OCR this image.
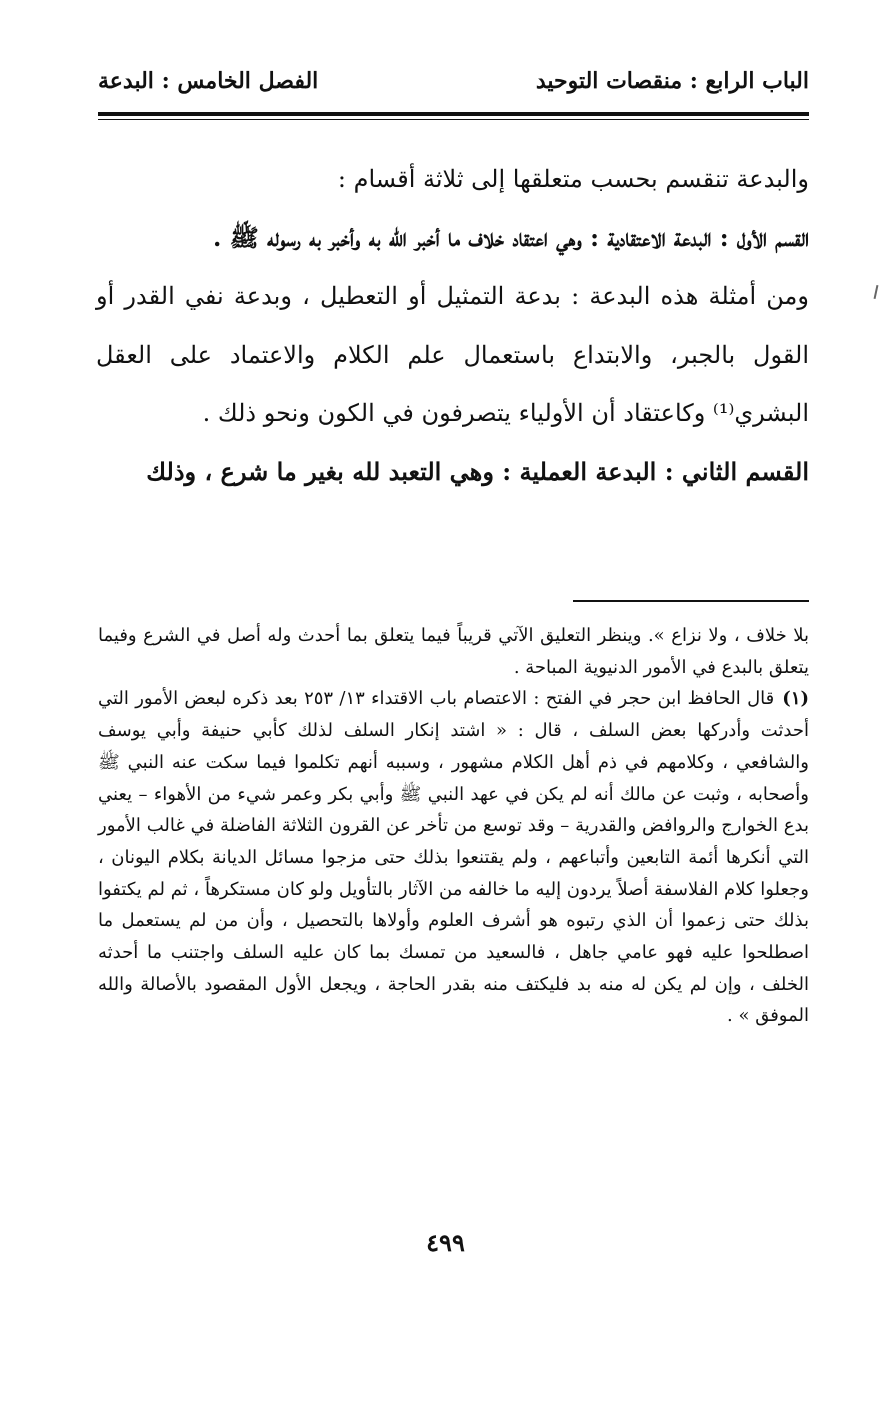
الباب الرابع : منقصات التوحيد
الفصل الخامس : البدعة

والبدعة تنقسم بحسب متعلقها إلى ثلاثة أقسام :

القسم الأول : البدعة الاعتقادية : وهي اعتقاد خلاف ما أخبر الله به وأخبر به رسوله ﷺ .

ومن أمثلة هذه البدعة : بدعة التمثيل أو التعطيل ، وبدعة نفي القدر أو القول بالجبر، والابتداع باستعمال علم الكلام والاعتماد على العقل البشري⁽¹⁾ وكاعتقاد أن الأولياء يتصرفون في الكون ونحو ذلك .

القسم الثاني : البدعة العملية : وهي التعبد لله بغير ما شرع ، وذلك

بلا خلاف ، ولا نزاع ». وينظر التعليق الآتي قريباً فيما يتعلق بما أحدث وله أصل في الشرع وفيما يتعلق بالبدع في الأمور الدنيوية المباحة .

(١)قال الحافظ ابن حجر في الفتح : الاعتصام باب الاقتداء ١٣/ ٢٥٣ بعد ذكره لبعض الأمور التي أحدثت وأدركها بعض السلف ، قال : « اشتد إنكار السلف لذلك كأبي حنيفة وأبي يوسف والشافعي ، وكلامهم في ذم أهل الكلام مشهور ، وسببه أنهم تكلموا فيما سكت عنه النبي ﷺ وأصحابه ، وثبت عن مالك أنه لم يكن في عهد النبي ﷺ وأبي بكر وعمر شيء من الأهواء – يعني بدع الخوارج والروافض والقدرية – وقد توسع من تأخر عن القرون الثلاثة الفاضلة في غالب الأمور التي أنكرها أئمة التابعين وأتباعهم ، ولم يقتنعوا بذلك حتى مزجوا مسائل الديانة بكلام اليونان ، وجعلوا كلام الفلاسفة أصلاً يردون إليه ما خالفه من الآثار بالتأويل ولو كان مستكرهاً ، ثم لم يكتفوا بذلك حتى زعموا أن الذي رتبوه هو أشرف العلوم وأولاها بالتحصيل ، وأن من لم يستعمل ما اصطلحوا عليه فهو عامي جاهل ، فالسعيد من تمسك بما كان عليه السلف واجتنب ما أحدثه الخلف ، وإن لم يكن له منه بد فليكتف منه بقدر الحاجة ، ويجعل الأول المقصود بالأصالة والله الموفق » .

٤٩٩
